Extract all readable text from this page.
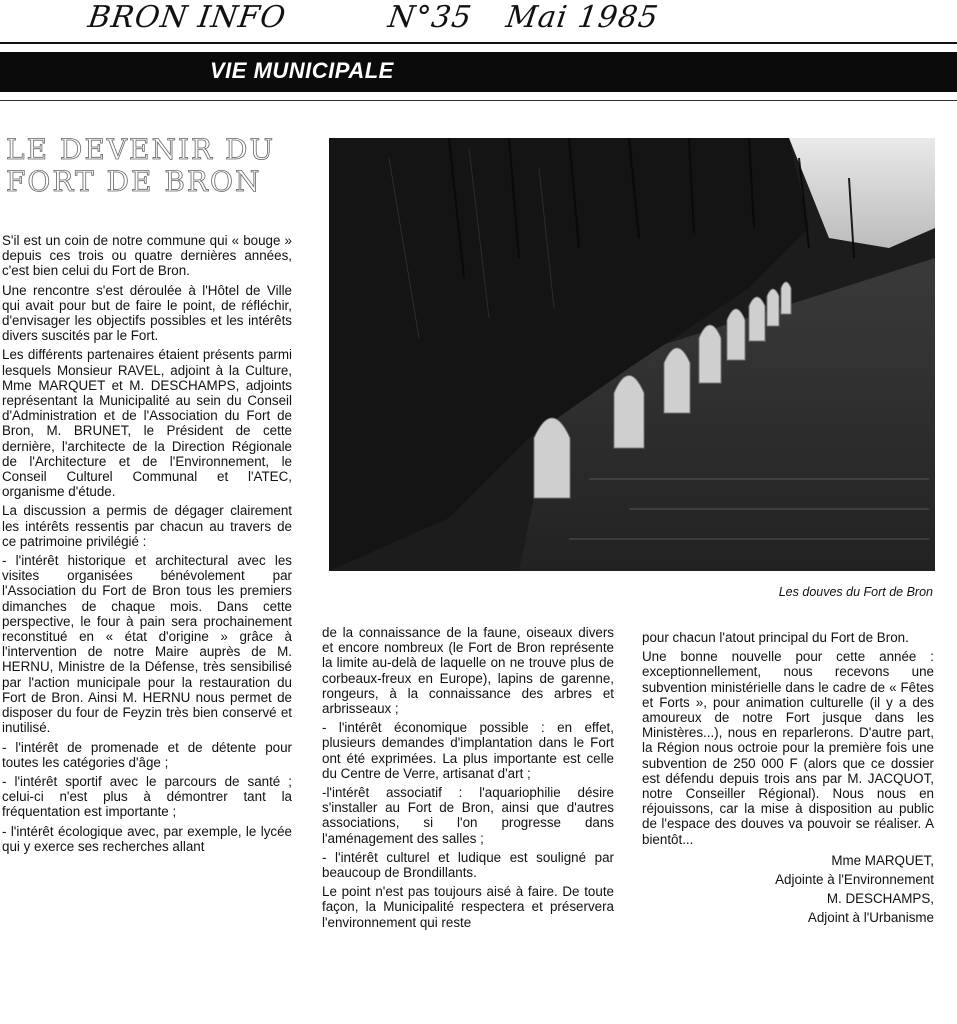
BRON INFO	N°35 Mai 1985
VIE MUNICIPALE
LE DEVENIR DU FORT DE BRON
Les douves du Fort de Bron

S'il est un coin de notre commune qui « bouge » depuis ces trois ou quatre dernières années, c'est bien celui du Fort de Bron.

Une rencontre s'est déroulée à l'Hôtel de Ville qui avait pour but de faire le point, de réfléchir, d'envisager les objectifs possibles et les intérêts divers suscités par le Fort.

Les différents partenaires étaient présents parmi lesquels Monsieur RAVEL, adjoint à la Culture, Mme MARQUET et M. DESCHAMPS, adjoints représentant la Municipalité au sein du Conseil d'Administration et de l'Association du Fort de Bron, M. BRUNET, le Président de cette dernière, l'architecte de la Direction Régionale de l'Architecture et de l'Environnement, le Conseil Culturel Communal et l'ATEC, organisme d'étude.

La discussion a permis de dégager clairement les intérêts ressentis par chacun au travers de ce patrimoine privilégié :

- l'intérêt historique et architectural avec les visites organisées bénévolement par l'Association du Fort de Bron tous les premiers dimanches de chaque mois. Dans cette perspective, le four à pain sera prochainement reconstitué en « état d'origine » grâce à l'intervention de notre Maire auprès de M. HERNU, Ministre de la Défense, très sensibilisé par l'action municipale pour la restauration du Fort de Bron. Ainsi M. HERNU nous permet de disposer du four de Feyzin très bien conservé et inutilisé.

- l'intérêt de promenade et de détente pour toutes les catégories d'âge ;

- l'intérêt sportif avec le parcours de santé ; celui-ci n'est plus à démontrer tant la fréquentation est importante ;

- l'intérêt écologique avec, par exemple, le lycée qui y exerce ses recherches allant

de la connaissance de la faune, oiseaux divers et encore nombreux (le Fort de Bron représente la limite au-delà de laquelle on ne trouve plus de corbeaux-freux en Europe), lapins de garenne, rongeurs, à la connaissance des arbres et arbrisseaux ;

- l'intérêt économique possible : en effet, plusieurs demandes d'implantation dans le Fort ont été exprimées. La plus importante est celle du Centre de Verre, artisanat d'art ;

-l'intérêt associatif : l'aquariophilie désire s'installer au Fort de Bron, ainsi que d'autres associations, si l'on progresse dans l'aménagement des salles ;

- l'intérêt culturel et ludique est souligné par beaucoup de Brondillants.

Le point n'est pas toujours aisé à faire. De toute façon, la Municipalité respectera et préservera l'environnement qui reste

pour chacun l'atout principal du Fort de Bron.

Une bonne nouvelle pour cette année : exceptionnellement, nous recevons une subvention ministérielle dans le cadre de « Fêtes et Forts », pour animation culturelle (il y a des amoureux de notre Fort jusque dans les Ministères...), nous en reparlerons. D'autre part, la Région nous octroie pour la première fois une subvention de 250 000 F (alors que ce dossier est défendu depuis trois ans par M. JACQUOT, notre Conseiller Régional). Nous nous en réjouissons, car la mise à disposition au public de l'espace des douves va pouvoir se réaliser. A bientôt...

Mme MARQUET,

Adjointe à l'Environnement

M. DESCHAMPS,

Adjoint à l'Urbanisme
